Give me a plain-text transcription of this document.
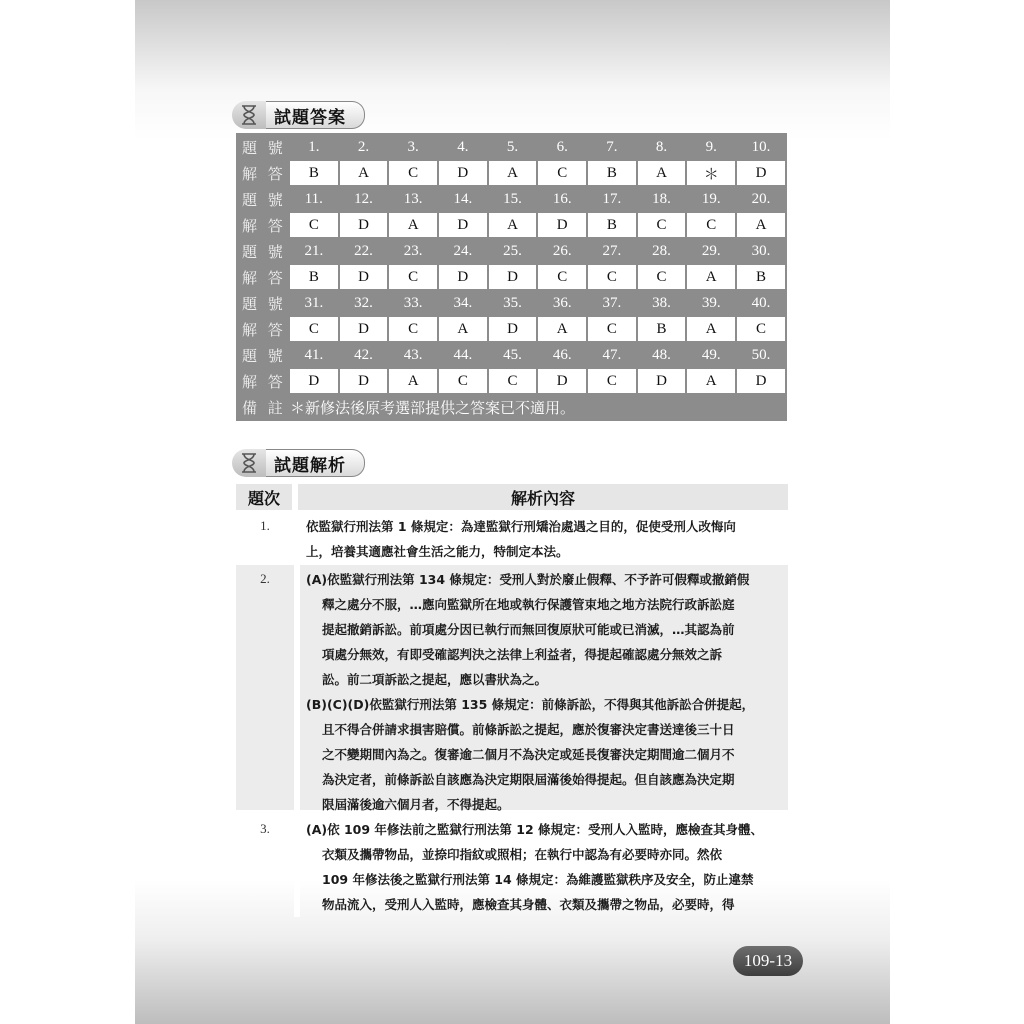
試題答案
題 號	1.	2.	3.	4.	5.	6.	7.	8.	9.	10.
解 答	B	A	C	D	A	C	B	A	＊	D
題 號	11.	12.	13.	14.	15.	16.	17.	18.	19.	20.
解 答	C	D	A	D	A	D	B	C	C	A
題 號	21.	22.	23.	24.	25.	26.	27.	28.	29.	30.
解 答	B	D	C	D	D	C	C	C	A	B
題 號	31.	32.	33.	34.	35.	36.	37.	38.	39.	40.
解 答	C	D	C	A	D	A	C	B	A	C
題 號	41.	42.	43.	44.	45.	46.	47.	48.	49.	50.
解 答	D	D	A	C	C	D	C	D	A	D
備 註	＊新修法後原考選部提供之答案已不適用。									
試題解析
題次	解析內容
1.	依監獄行刑法第 1 條規定：為達監獄行刑矯治處遇之目的，促使受刑人改悔向

上，培養其適應社會生活之能力，特制定本法。

2.	(A)依監獄行刑法第 134 條規定：受刑人對於廢止假釋、不予許可假釋或撤銷假

釋之處分不服，…應向監獄所在地或執行保護管束地之地方法院行政訴訟庭

提起撤銷訴訟。前項處分因已執行而無回復原狀可能或已消滅，…其認為前

項處分無效，有即受確認判決之法律上利益者，得提起確認處分無效之訴

訟。前二項訴訟之提起，應以書狀為之。

(B)(C)(D)依監獄行刑法第 135 條規定：前條訴訟，不得與其他訴訟合併提起，

且不得合併請求損害賠償。前條訴訟之提起，應於復審決定書送達後三十日

之不變期間內為之。復審逾二個月不為決定或延長復審決定期間逾二個月不

為決定者，前條訴訟自該應為決定期限屆滿後始得提起。但自該應為決定期

限屆滿後逾六個月者，不得提起。

3.	(A)依 109 年修法前之監獄行刑法第 12 條規定：受刑人入監時，應檢查其身體、

衣類及攜帶物品，並捺印指紋或照相；在執行中認為有必要時亦同。然依

109 年修法後之監獄行刑法第 14 條規定：為維護監獄秩序及安全，防止違禁

物品流入，受刑人入監時，應檢查其身體、衣類及攜帶之物品，必要時，得

109-13
